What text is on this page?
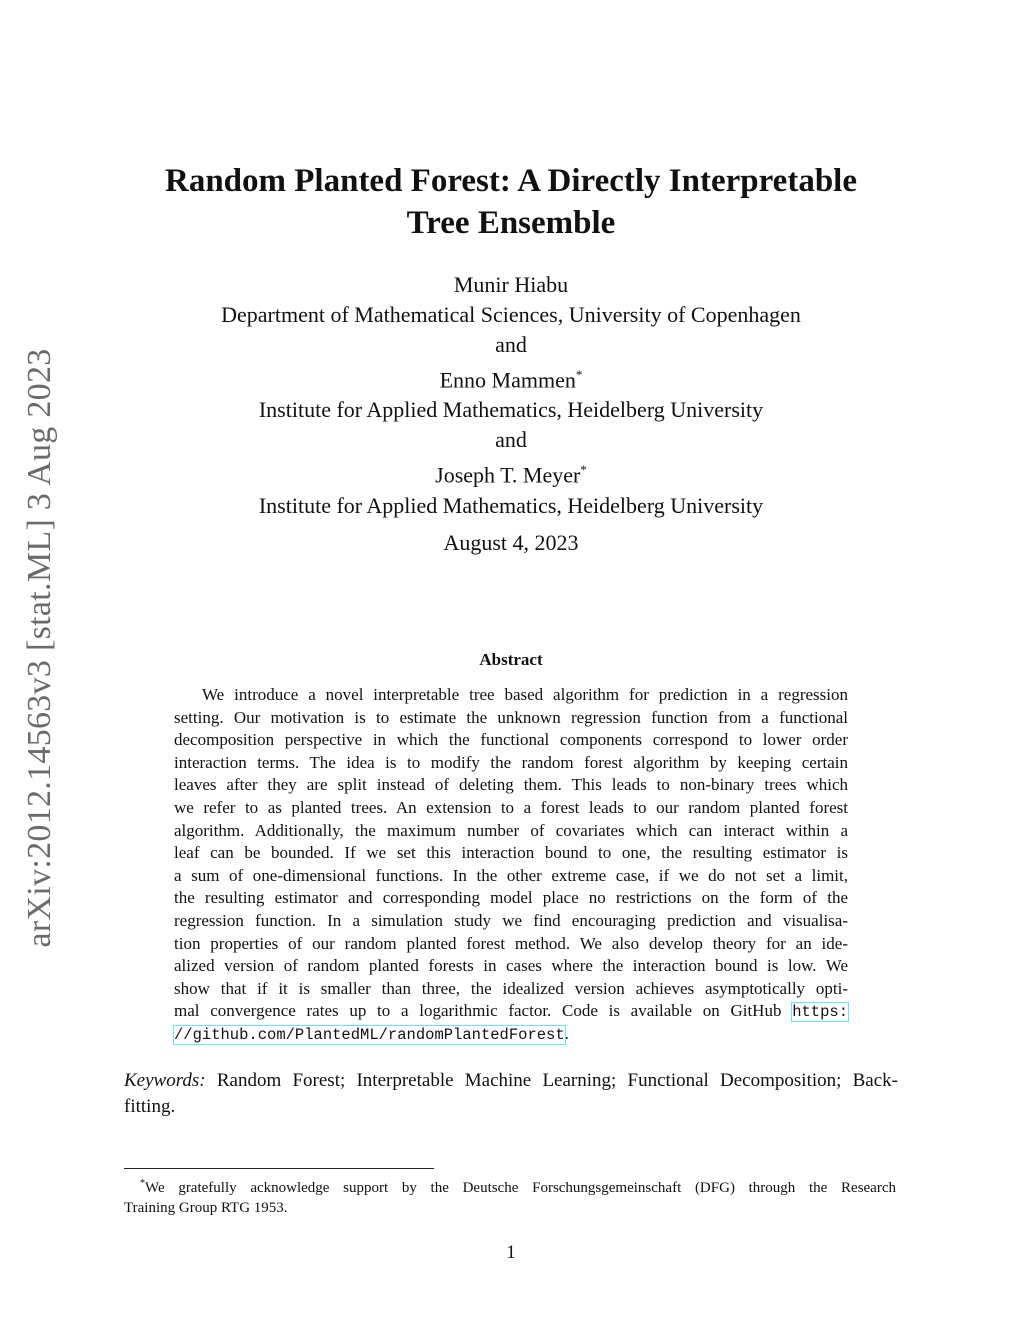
arXiv:2012.14563v3 [stat.ML] 3 Aug 2023
Random Planted Forest: A Directly Interpretable
Tree Ensemble
Munir Hiabu
Department of Mathematical Sciences, University of Copenhagen
and
Enno Mammen*
Institute for Applied Mathematics, Heidelberg University
and
Joseph T. Meyer*
Institute for Applied Mathematics, Heidelberg University
August 4, 2023
Abstract
We introduce a novel interpretable tree based algorithm for prediction in a regression
setting. Our motivation is to estimate the unknown regression function from a functional
decomposition perspective in which the functional components correspond to lower order
interaction terms. The idea is to modify the random forest algorithm by keeping certain
leaves after they are split instead of deleting them. This leads to non-binary trees which
we refer to as planted trees. An extension to a forest leads to our random planted forest
algorithm. Additionally, the maximum number of covariates which can interact within a
leaf can be bounded. If we set this interaction bound to one, the resulting estimator is
a sum of one-dimensional functions. In the other extreme case, if we do not set a limit,
the resulting estimator and corresponding model place no restrictions on the form of the
regression function. In a simulation study we find encouraging prediction and visualisa-
tion properties of our random planted forest method. We also develop theory for an ide-
alized version of random planted forests in cases where the interaction bound is low. We
show that if it is smaller than three, the idealized version achieves asymptotically opti-
mal convergence rates up to a logarithmic factor. Code is available on GitHub https:
//github.com/PlantedML/randomPlantedForest.
Keywords: Random Forest; Interpretable Machine Learning; Functional Decomposition; Back-
fitting.
*We gratefully acknowledge support by the Deutsche Forschungsgemeinschaft (DFG) through the Research
Training Group RTG 1953.
1
